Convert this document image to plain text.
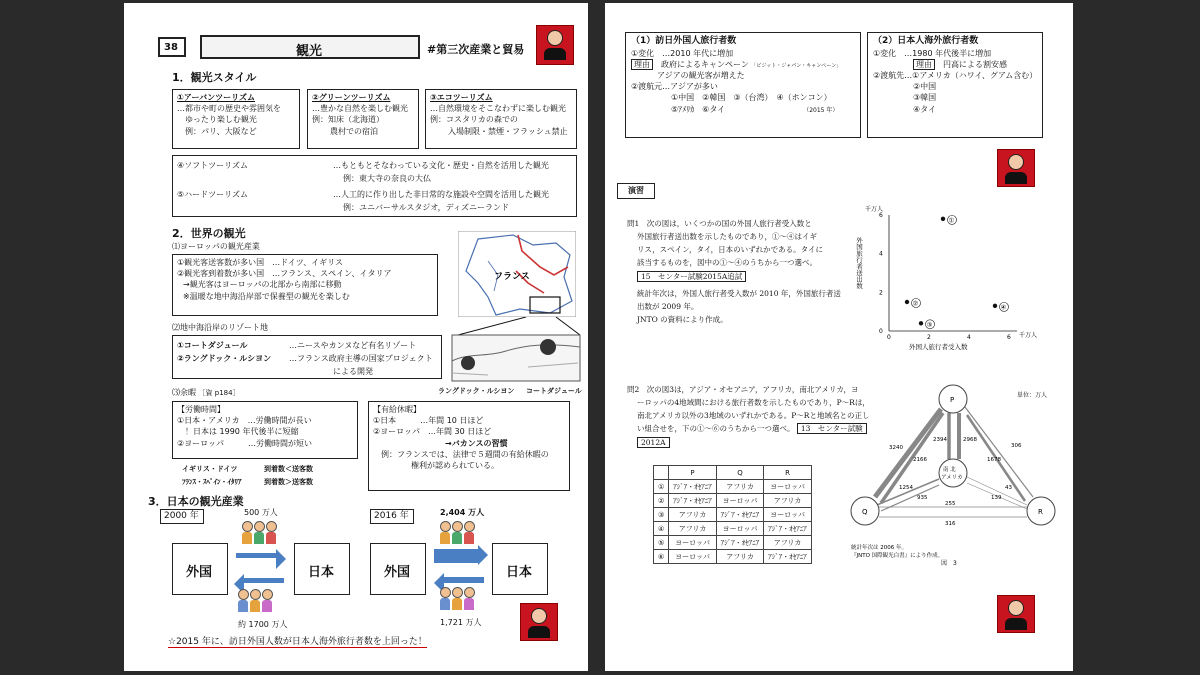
38	観光	#第三次産業と貿易
1．観光スタイル
①アーバンツーリズム
…都市や町の歴史や雰囲気を
ゆったり楽しむ観光
例：パリ、大阪など
②グリーンツーリズム
…豊かな自然を楽しむ観光
例：知床（北海道）
農村での宿泊
③エコツーリズム
…自然環境をそこなわずに楽しむ観光
例：コスタリカの森での
入場制限・禁煙・フラッシュ禁止
④ソフトツーリズム	…もともとそなわっている文化・歴史・自然を活用した観光
例：東大寺の奈良の大仏
⑤ハードツーリズム	…人工的に作り出した非日常的な施設や空間を活用した観光
例：ユニバーサルスタジオ，ディズニーランド
2．世界の観光
⑴ヨーロッパの観光産業
①観光客送客数が多い国　…ドイツ、イギリス
②観光客到着数が多い国　…フランス、スペイン、イタリア
→観光客はヨーロッパの北部から南部に移動
※温暖な地中海沿岸部で保養型の観光を楽しむ
フランス
⑵地中海沿岸のリゾート地
①コートダジュール	…ニースやカンヌなど有名リゾート
②ラングドック・ルシヨン …フランス政府主導の国家プロジェクト
による開発
ラングドック・ルシヨン コートダジュール
⑶余暇 ［資 p184］
【労働時間】
①日本・アメリカ　…労働時間が長い
！日本は 1990 年代後半に短縮
②ヨーロッパ　　　…労働時間が短い
イギリス・ドイツ	到着数＜送客数
ﾌﾗﾝｽ・ｽﾍﾟｲﾝ・ｲﾀﾘｱ	到着数＞送客数
【有給休暇】
①日本　　　…年間 10 日ほど
②ヨーロッパ　…年間 30 日ほど
→バカンスの習慣
例：フランスでは、法律で５週間の有給休暇の
権利が認められている。
3．日本の観光産業
2000 年	2016 年
500 万人	2,404 万人
外国	日本	外国	日本
約 1700 万人	1,721 万人
☆2015 年に、訪日外国人数が日本人海外旅行者数を上回った！
（1）訪日外国人旅行者数
①変化　…2010 年代に増加
理由　 政府によるキャンペーン 「ビジット・ジャパン・キャンペーン」
アジアの観光客が増えた
②渡航元…アジアが多い
①中国　②韓国　③（台湾）　④（ホンコン）
⑤ｱﾒﾘｶ　⑥タイ	（2015 年）
（2）日本人海外旅行者数
①変化　…1980 年代後半に増加
理由　 円高による割安感
②渡航先…①アメリカ（ハワイ、グアム含む）
②中国
③韓国
④タイ
演習
問1　次の図は，いくつかの国の外国人旅行者受入数と
外国旅行者送出数を示したものであり，①～④はイギ
リス，スペイン，タイ，日本のいずれかである。タイに
該当するものを，図中の①～④のうちから一つ選べ。
15　センター試験2015A追試
統計年次は，外国人旅行者受入数が 2010 年，外国旅行者送
出数が 2009 年。
JNTO の資料により作成。
千万人
千万人
外国人旅行者受入数
外国旅行者送出数
0	2	4	6
0
2
4
6
①
②
③
④
問2　次の図3は，アジア・オセアニア，アフリカ，南北アメリカ，ヨ
ーロッパの4地域間における旅行者数を示したものであり，P～Rは，
南北アメリカ以外の3地域のいずれかである。P～Rと地域名との正し
い組合せを，下の①～⑥のうちから一つ選べ。 13　センター試験
2012A
	P	Q	R
①	ｱｼﾞｱ・ｵｾｱﾆｱ	アフリカ	ヨーロッパ
②	ｱｼﾞｱ・ｵｾｱﾆｱ	ヨーロッパ	アフリカ
③	アフリカ	ｱｼﾞｱ・ｵｾｱﾆｱ	ヨーロッパ
④	アフリカ	ヨーロッパ	ｱｼﾞｱ・ｵｾｱﾆｱ
⑤	ヨーロッパ	ｱｼﾞｱ・ｵｾｱﾆｱ	アフリカ
⑥	ヨーロッパ	アフリカ	ｱｼﾞｱ・ｵｾｱﾆｱ
単位：万人
3240
2166
2394	2968
306
1678
1254
935
43
139
255
316
P
Q	R
南 北
アメリカ
統計年次は 2006 年。
『JNTO 国際観光白書』により作成。
図　3
